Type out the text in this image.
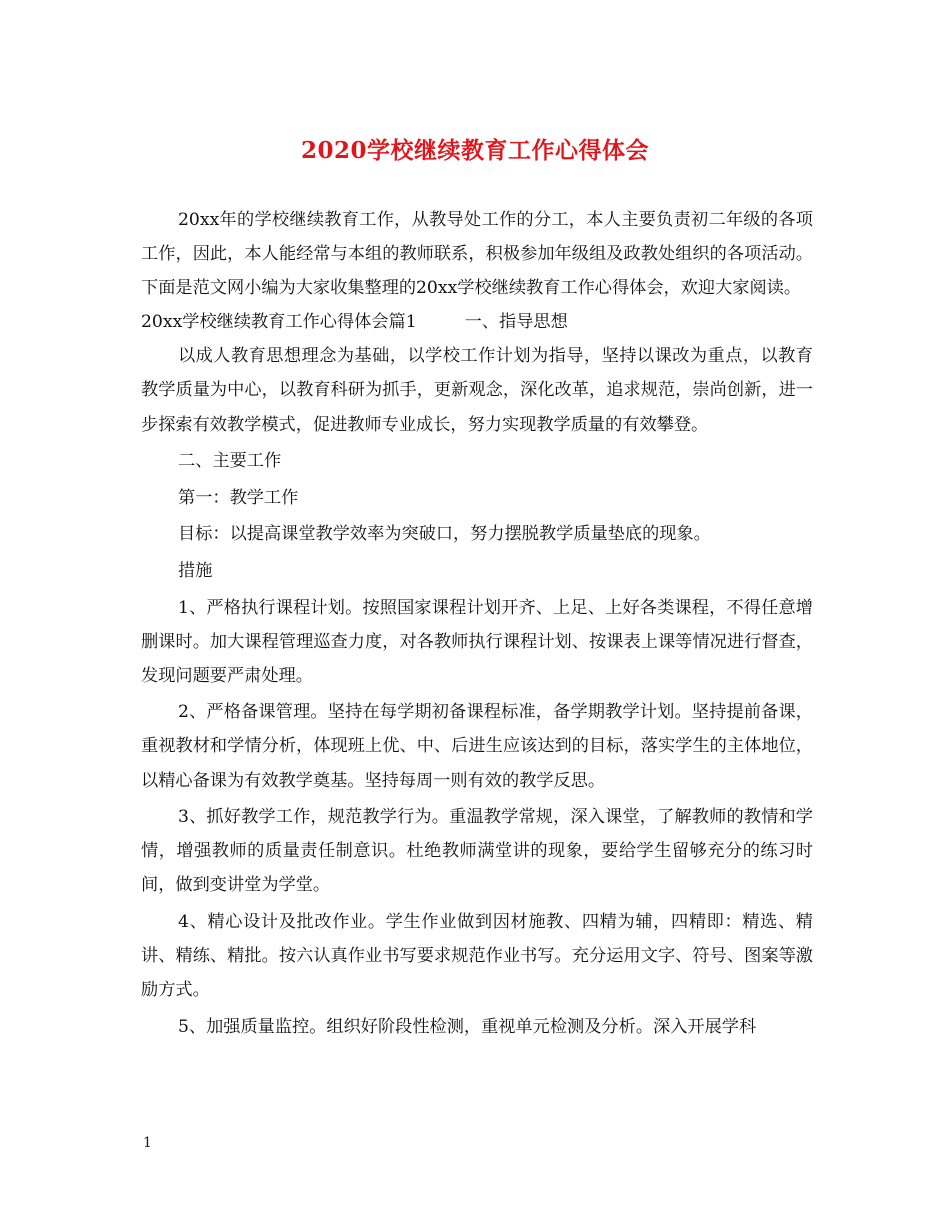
2020学校继续教育工作心得体会

20xx年的学校继续教育工作，从教导处工作的分工，本人主要负责初二年级的各项工作，因此，本人能经常与本组的教师联系，积极参加年级组及政教处组织的各项活动。下面是范文网小编为大家收集整理的20xx学校继续教育工作心得体会，欢迎大家阅读。

20xx学校继续教育工作心得体会篇1	一、指导思想

以成人教育思想理念为基础，以学校工作计划为指导，坚持以课改为重点，以教育教学质量为中心，以教育科研为抓手，更新观念，深化改革，追求规范，崇尚创新，进一步探索有效教学模式，促进教师专业成长，努力实现教学质量的有效攀登。

二、主要工作

第一：教学工作

目标：以提高课堂教学效率为突破口，努力摆脱教学质量垫底的现象。

措施

1、严格执行课程计划。按照国家课程计划开齐、上足、上好各类课程，不得任意增删课时。加大课程管理巡查力度，对各教师执行课程计划、按课表上课等情况进行督查，发现问题要严肃处理。

2、严格备课管理。坚持在每学期初备课程标准，备学期教学计划。坚持提前备课，重视教材和学情分析，体现班上优、中、后进生应该达到的目标，落实学生的主体地位，以精心备课为有效教学奠基。坚持每周一则有效的教学反思。

3、抓好教学工作，规范教学行为。重温教学常规，深入课堂，了解教师的教情和学情，增强教师的质量责任制意识。杜绝教师满堂讲的现象，要给学生留够充分的练习时间，做到变讲堂为学堂。

4、精心设计及批改作业。学生作业做到因材施教、四精为辅，四精即：精选、精讲、精练、精批。按六认真作业书写要求规范作业书写。充分运用文字、符号、图案等激励方式。

5、加强质量监控。组织好阶段性检测，重视单元检测及分析。深入开展学科

1
